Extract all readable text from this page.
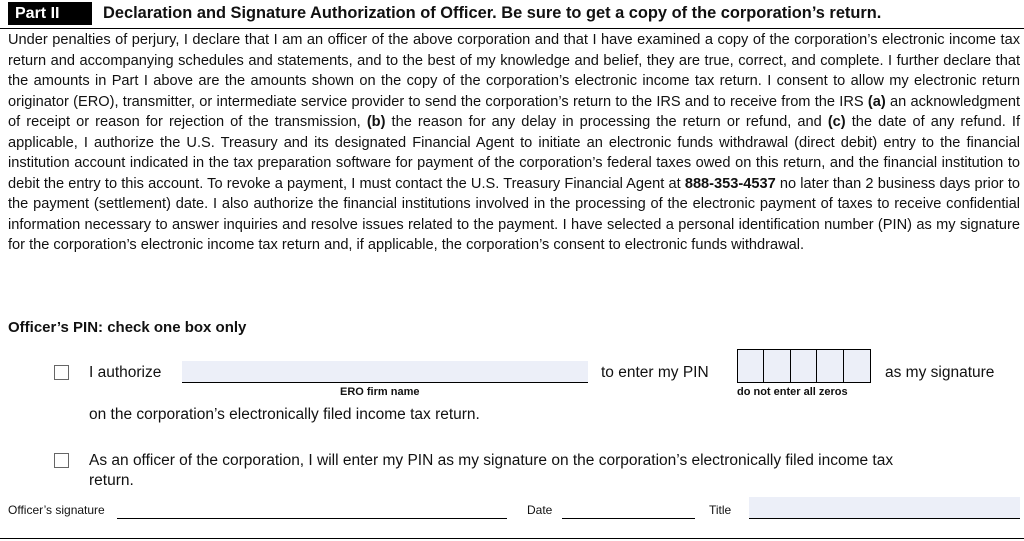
Part II	Declaration and Signature Authorization of Officer. Be sure to get a copy of the corporation’s return.
Under penalties of perjury, I declare that I am an officer of the above corporation and that I have examined a copy of the corporation’s electronic income tax return and accompanying schedules and statements, and to the best of my knowledge and belief, they are true, correct, and complete. I further declare that the amounts in Part I above are the amounts shown on the copy of the corporation’s electronic income tax return. I consent to allow my electronic return originator (ERO), transmitter, or intermediate service provider to send the corporation’s return to the IRS and to receive from the IRS (a) an acknowledgment of receipt or reason for rejection of the transmission, (b) the reason for any delay in processing the return or refund, and (c) the date of any refund. If applicable, I authorize the U.S. Treasury and its designated Financial Agent to initiate an electronic funds withdrawal (direct debit) entry to the financial institution account indicated in the tax preparation software for payment of the corporation’s federal taxes owed on this return, and the financial institution to debit the entry to this account. To revoke a payment, I must contact the U.S. Treasury Financial Agent at 888-353-4537 no later than 2 business days prior to the payment (settlement) date. I also authorize the financial institutions involved in the processing of the electronic payment of taxes to receive confidential information necessary to answer inquiries and resolve issues related to the payment. I have selected a personal identification number (PIN) as my signature for the corporation’s electronic income tax return and, if applicable, the corporation’s consent to electronic funds withdrawal.
Officer’s PIN: check one box only
I authorize
ERO firm name
to enter my PIN
do not enter all zeros
as my signature
on the corporation’s electronically filed income tax return.
As an officer of the corporation, I will enter my PIN as my signature on the corporation’s electronically filed income tax
return.
Officer’s signature	Date	Title
